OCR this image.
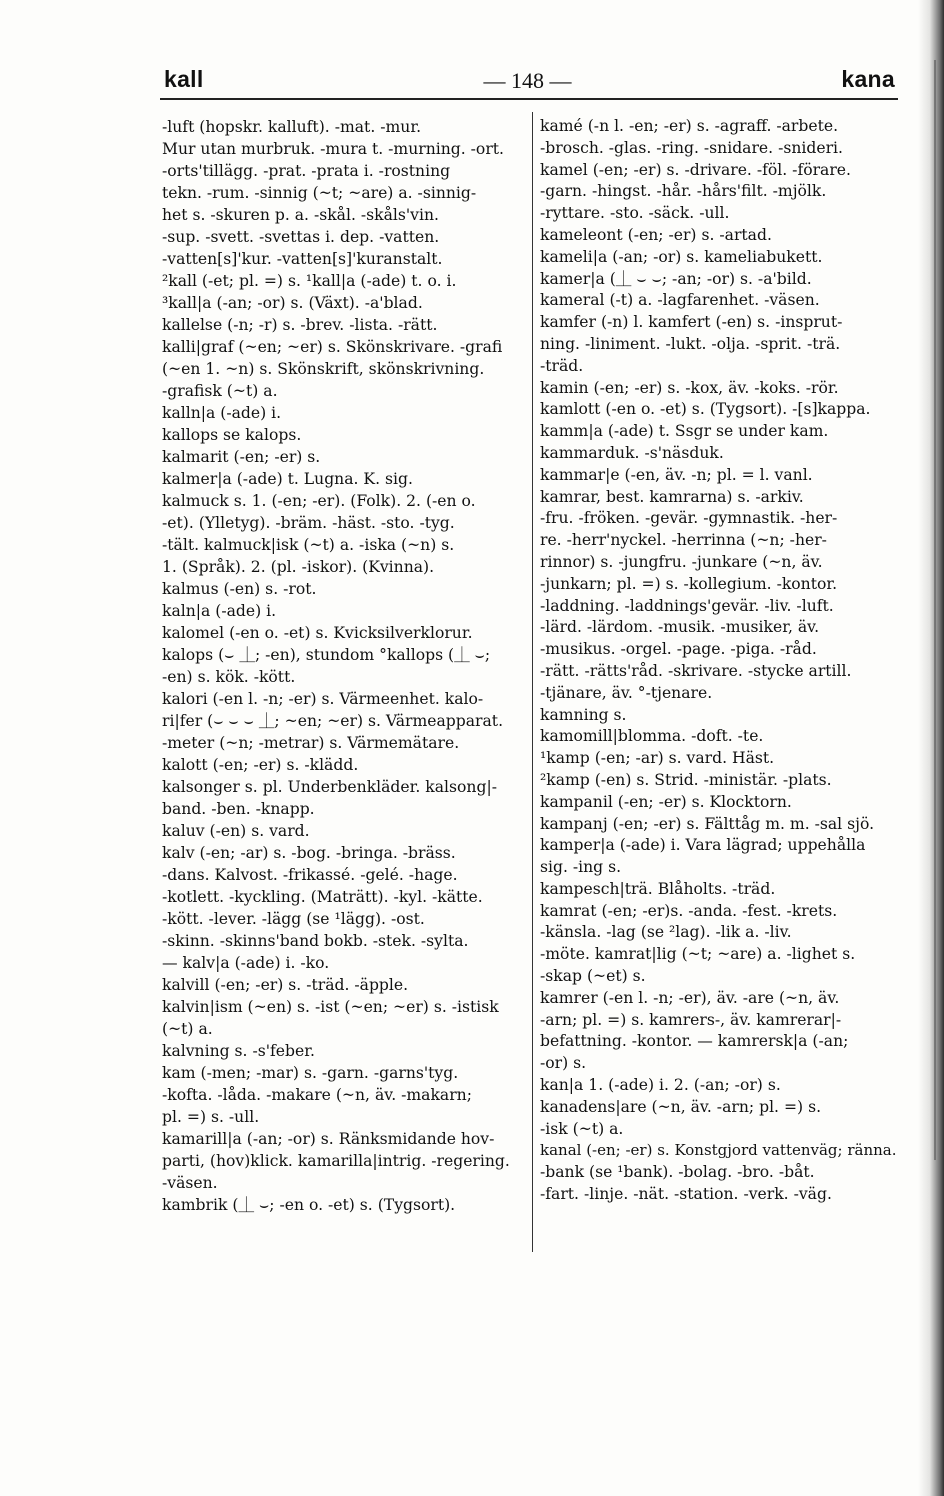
kall	— 148 —	kana
-luft (hopskr. kalluft). -mat. -mur.
Mur utan murbruk. -mura t. -murning. -ort.
-orts'tillägg. -prat. -prata i. -rostning
tekn. -rum. -sinnig (~t; ~are) a. -sinnig-
het s. -skuren p. a. -skål. -skåls'vin.
-sup. -svett. -svettas i. dep. -vatten.
-vatten[s]'kur. -vatten[s]'kuranstalt.
²kall (-et; pl. =) s. ¹kall|a (-ade) t. o. i.
³kall|a (-an; -or) s. (Växt). -a'blad.
kallelse (-n; -r) s. -brev. -lista. -rätt.
kalli|graf (~en; ~er) s. Skönskrivare. -grafi
(~en 1. ~n) s. Skönskrift, skönskrivning.
-grafisk (~t) a.
kalln|a (-ade) i.
kallops se kalops.
kalmarit (-en; -er) s.
kalmer|a (-ade) t. Lugna. K. sig.
kalmuck s. 1. (-en; -er). (Folk). 2. (-en o.
-et). (Ylletyg). -bräm. -häst. -sto. -tyg.
-tält. kalmuck|isk (~t) a. -iska (~n) s.
1. (Språk). 2. (pl. -iskor). (Kvinna).
kalmus (-en) s. -rot.
kaln|a (-ade) i.
kalomel (-en o. -et) s. Kvicksilverklorur.
kalops (⌣ ⏊; -en), stundom °kallops (⏊ ⌣;
-en) s. kök. -kött.
kalori (-en l. -n; -er) s. Värmeenhet. kalo-
ri|fer (⌣ ⌣ ⌣ ⏊; ~en; ~er) s. Värmeapparat.
-meter (~n; -metrar) s. Värmemätare.
kalott (-en; -er) s. -klädd.
kalsonger s. pl. Underbenkläder. kalsong|-
band. -ben. -knapp.
kaluv (-en) s. vard.
kalv (-en; -ar) s. -bog. -bringa. -bräss.
-dans. Kalvost. -frikassé. -gelé. -hage.
-kotlett. -kyckling. (Maträtt). -kyl. -kätte.
-kött. -lever. -lägg (se ¹lägg). -ost.
-skinn. -skinns'band bokb. -stek. -sylta.
— kalv|a (-ade) i. -ko.
kalvill (-en; -er) s. -träd. -äpple.
kalvin|ism (~en) s. -ist (~en; ~er) s. -istisk
(~t) a.
kalvning s. -s'feber.
kam (-men; -mar) s. -garn. -garns'tyg.
-kofta. -låda. -makare (~n, äv. -makarn;
pl. =) s. -ull.
kamarill|a (-an; -or) s. Ränksmidande hov-
parti, (hov)klick. kamarilla|intrig. -regering.
-väsen.
kambrik (⏊ ⌣; -en o. -et) s. (Tygsort).
kamé (-n l. -en; -er) s. -agraff. -arbete.
-brosch. -glas. -ring. -snidare. -snideri.
kamel (-en; -er) s. -drivare. -föl. -förare.
-garn. -hingst. -hår. -hårs'filt. -mjölk.
-ryttare. -sto. -säck. -ull.
kameleont (-en; -er) s. -artad.
kameli|a (-an; -or) s. kameliabukett.
kamer|a (⏊ ⌣ ⌣; -an; -or) s. -a'bild.
kameral (-t) a. -lagfarenhet. -väsen.
kamfer (-n) l. kamfert (-en) s. -insprut-
ning. -liniment. -lukt. -olja. -sprit. -trä.
-träd.
kamin (-en; -er) s. -kox, äv. -koks. -rör.
kamlott (-en o. -et) s. (Tygsort). -[s]kappa.
kamm|a (-ade) t. Ssgr se under kam.
kammarduk. -s'näsduk.
kammar|e (-en, äv. -n; pl. = l. vanl.
kamrar, best. kamrarna) s. -arkiv.
-fru. -fröken. -gevär. -gymnastik. -her-
re. -herr'nyckel. -herrinna (~n; -her-
rinnor) s. -jungfru. -junkare (~n, äv.
-junkarn; pl. =) s. -kollegium. -kontor.
-laddning. -laddnings'gevär. -liv. -luft.
-lärd. -lärdom. -musik. -musiker, äv.
-musikus. -orgel. -page. -piga. -råd.
-rätt. -rätts'råd. -skrivare. -stycke artill.
-tjänare, äv. °-tjenare.
kamning s.
kamomill|blomma. -doft. -te.
¹kamp (-en; -ar) s. vard. Häst.
²kamp (-en) s. Strid. -ministär. -plats.
kampanil (-en; -er) s. Klocktorn.
kampanj (-en; -er) s. Fälttåg m. m. -sal sjö.
kamper|a (-ade) i. Vara lägrad; uppehålla
sig. -ing s.
kampesch|trä. Blåholts. -träd.
kamrat (-en; -er)s. -anda. -fest. -krets.
-känsla. -lag (se ²lag). -lik a. -liv.
-möte. kamrat|lig (~t; ~are) a. -lighet s.
-skap (~et) s.
kamrer (-en l. -n; -er), äv. -are (~n, äv.
-arn; pl. =) s. kamrers-, äv. kamrerar|-
befattning. -kontor. — kamrersk|a (-an;
-or) s.
kan|a 1. (-ade) i. 2. (-an; -or) s.
kanadens|are (~n, äv. -arn; pl. =) s.
-isk (~t) a.
kanal (-en; -er) s. Konstgjord vattenväg; ränna.
-bank (se ¹bank). -bolag. -bro. -båt.
-fart. -linje. -nät. -station. -verk. -väg.
